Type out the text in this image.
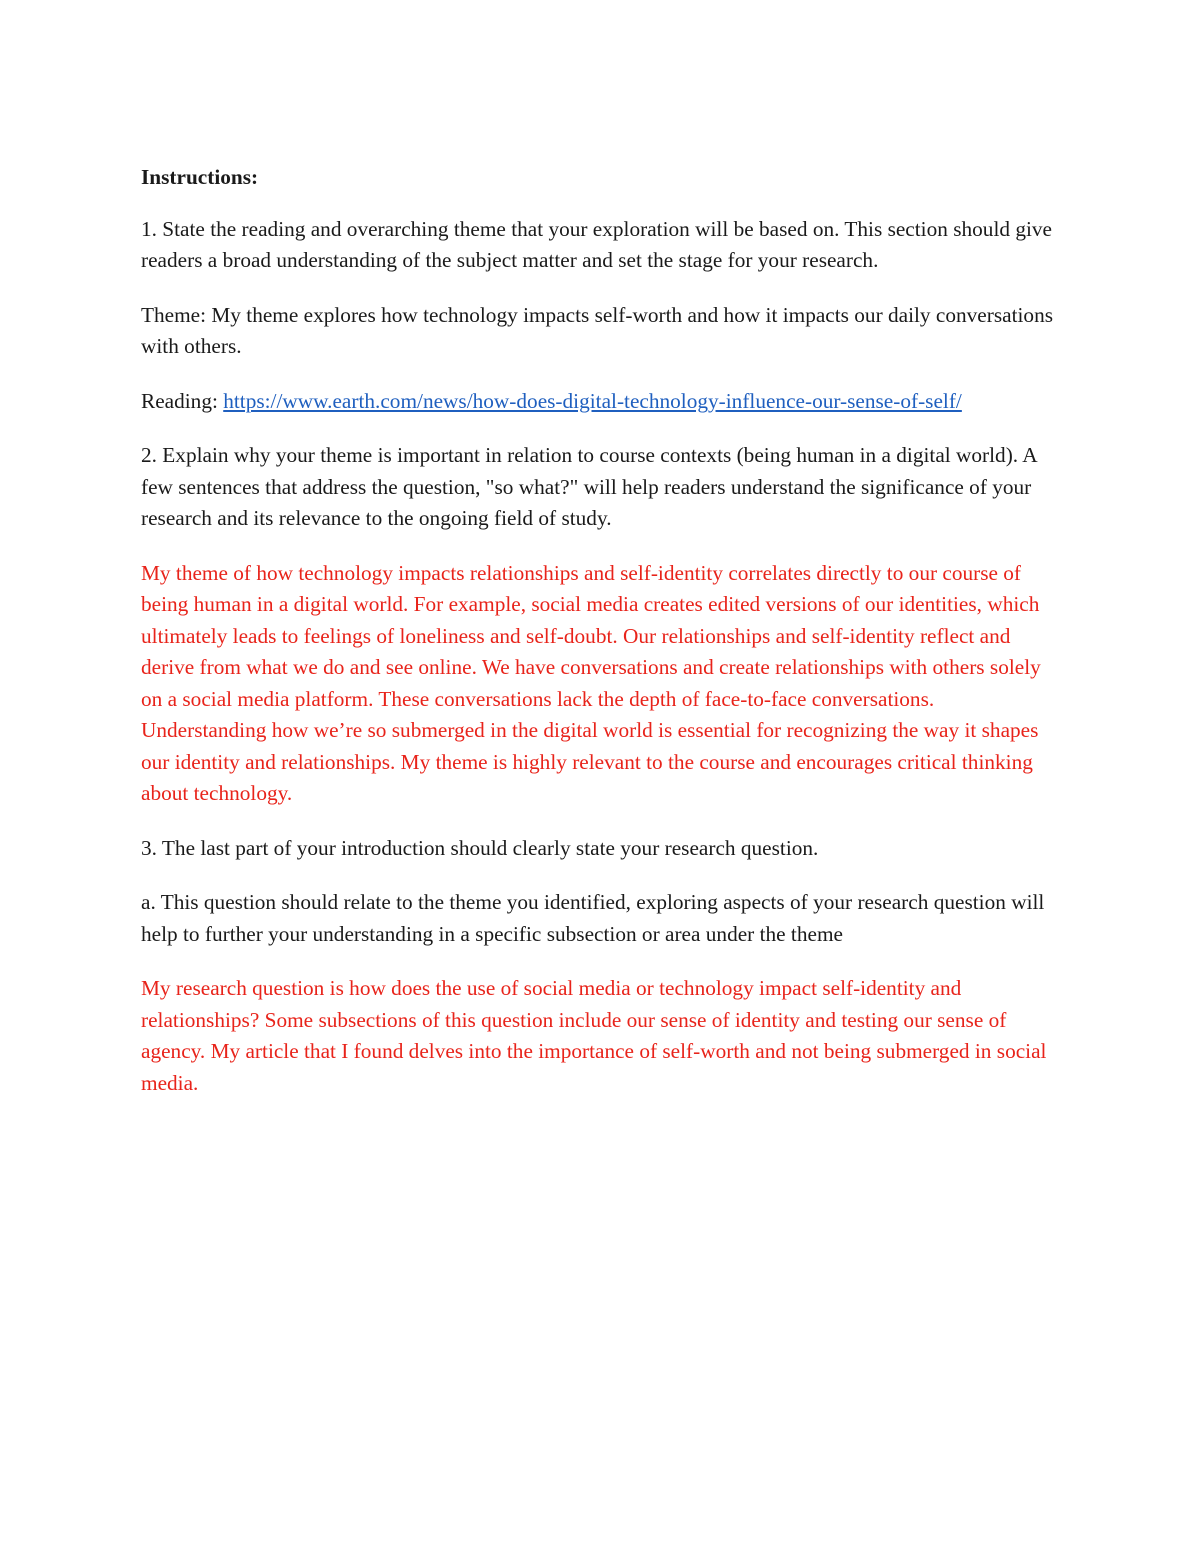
Instructions:

1. State the reading and overarching theme that your exploration will be based on. This section should give readers a broad understanding of the subject matter and set the stage for your research.

Theme: My theme explores how technology impacts self-worth and how it impacts our daily conversations with others.

Reading: https://www.earth.com/news/how-does-digital-technology-influence-our-sense-of-self/

2. Explain why your theme is important in relation to course contexts (being human in a digital world). A few sentences that address the question, "so what?" will help readers understand the significance of your research and its relevance to the ongoing field of study.

My theme of how technology impacts relationships and self-identity correlates directly to our course of being human in a digital world. For example, social media creates edited versions of our identities, which ultimately leads to feelings of loneliness and self-doubt. Our relationships and self-identity reflect and derive from what we do and see online. We have conversations and create relationships with others solely on a social media platform. These conversations lack the depth of face-to-face conversations. Understanding how we’re so submerged in the digital world is essential for recognizing the way it shapes our identity and relationships. My theme is highly relevant to the course and encourages critical thinking about technology.

3. The last part of your introduction should clearly state your research question.

a. This question should relate to the theme you identified, exploring aspects of your research question will help to further your understanding in a specific subsection or area under the theme

My research question is how does the use of social media or technology impact self-identity and relationships? Some subsections of this question include our sense of identity and testing our sense of agency. My article that I found delves into the importance of self-worth and not being submerged in social media.
